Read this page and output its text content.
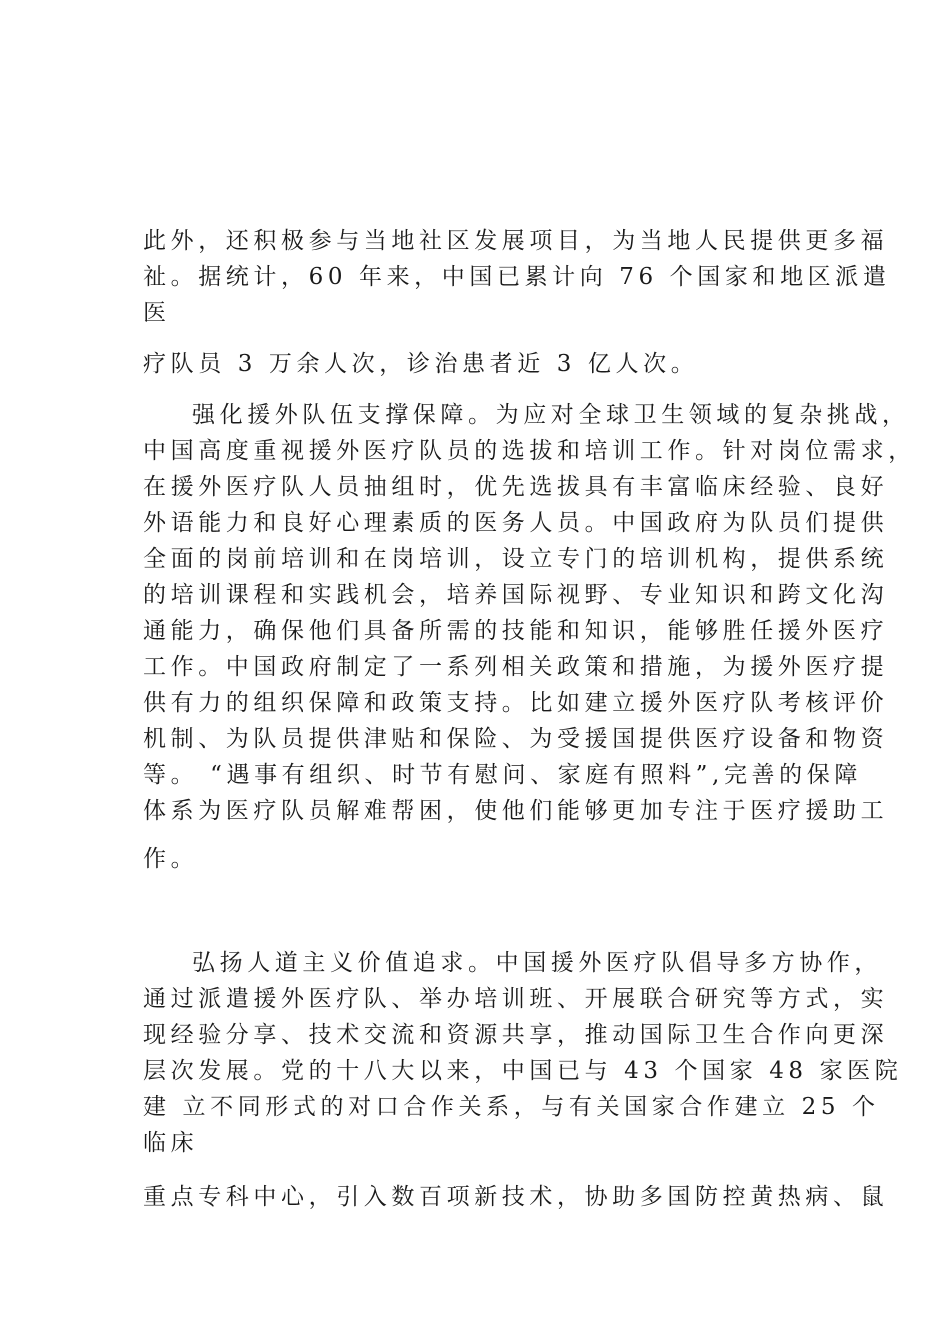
此外，还积极参与当地社区发展项目，为当地人民提供更多福
祉。据统计，60 年来，中国已累计向 76 个国家和地区派遣
医
疗队员 3 万余人次，诊治患者近 3 亿人次。
强化援外队伍支撑保障。为应对全球卫生领域的复杂挑战，
中国高度重视援外医疗队员的选拔和培训工作。针对岗位需求，
在援外医疗队人员抽组时，优先选拔具有丰富临床经验、良好
外语能力和良好心理素质的医务人员。中国政府为队员们提供
全面的岗前培训和在岗培训，设立专门的培训机构，提供系统
的培训课程和实践机会，培养国际视野、专业知识和跨文化沟
通能力，确保他们具备所需的技能和知识，能够胜任援外医疗
工作。中国政府制定了一系列相关政策和措施，为援外医疗提
供有力的组织保障和政策支持。比如建立援外医疗队考核评价
机制、为队员提供津贴和保险、为受援国提供医疗设备和物资
等。 “遇事有组织、时节有慰问、家庭有照料”,完善的保障
体系为医疗队员解难帮困，使他们能够更加专注于医疗援助工
作。
弘扬人道主义价值追求。中国援外医疗队倡导多方协作，
通过派遣援外医疗队、举办培训班、开展联合研究等方式，实
现经验分享、技术交流和资源共享，推动国际卫生合作向更深
层次发展。党的十八大以来，中国已与 43 个国家 48 家医院
建 立不同形式的对口合作关系，与有关国家合作建立 25 个
临床
重点专科中心，引入数百项新技术，协助多国防控黄热病、鼠
